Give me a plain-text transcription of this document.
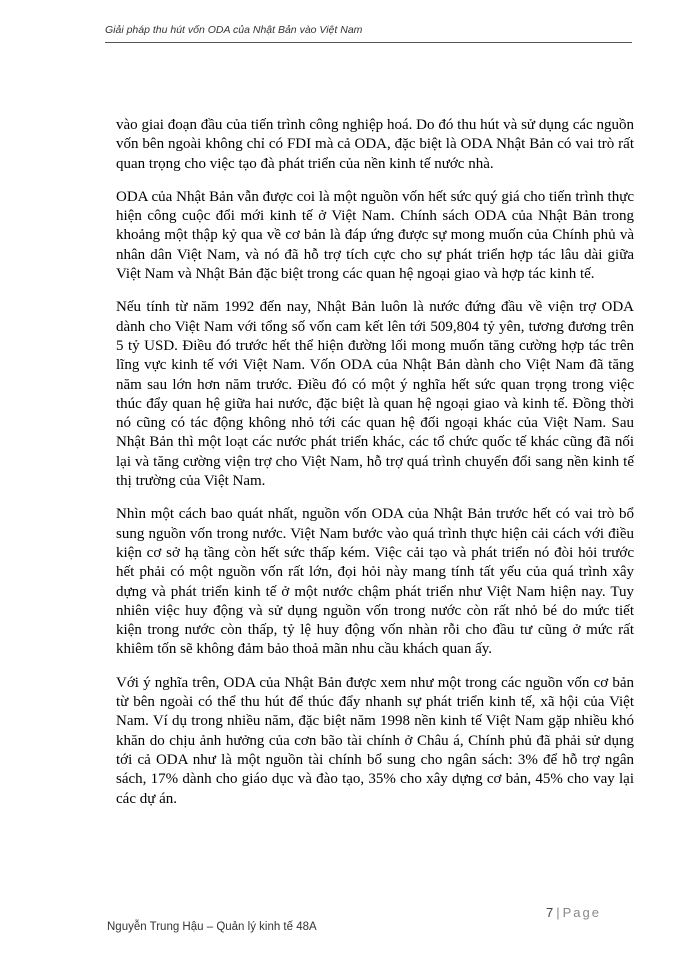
Giải pháp thu hút vốn ODA của Nhật Bản vào Việt Nam

vào giai đoạn đầu của tiến trình công nghiệp hoá. Do đó thu hút và sử dụng các nguồn vốn bên ngoài không chỉ có FDI mà cả ODA, đặc biệt là ODA Nhật Bản có vai trò rất quan trọng cho việc tạo đà phát triển của nền kinh tế nước nhà.

ODA của Nhật Bản vẫn được coi là một nguồn vốn hết sức quý giá cho tiến trình thực hiện công cuộc đổi mới kinh tế ở Việt Nam. Chính sách ODA của Nhật Bản trong khoảng một thập kỷ qua về cơ bản là đáp ứng được sự mong muốn của Chính phủ và nhân dân Việt Nam, và nó đã hỗ trợ tích cực cho sự phát triển hợp tác lâu dài giữa Việt Nam và Nhật Bản đặc biệt trong các quan hệ ngoại giao và hợp tác kinh tế.

Nếu tính từ năm 1992 đến nay, Nhật Bản luôn là nước đứng đầu về viện trợ ODA dành cho Việt Nam với tổng số vốn cam kết lên tới 509,804 tỷ yên, tương đương trên 5 tỷ USD. Điều đó trước hết thể hiện đường lối mong muốn tăng cường hợp tác trên lĩng vực kinh tế với Việt Nam. Vốn ODA của Nhật Bản dành cho Việt Nam đã tăng năm sau lớn hơn năm trước. Điều đó có một ý nghĩa hết sức quan trọng trong việc thúc đẩy quan hệ giữa hai nước, đặc biệt là quan hệ ngoại giao và kinh tế. Đồng thời nó cũng có tác động không nhỏ tới các quan hệ đối ngoại khác của Việt Nam. Sau Nhật Bản thì một loạt các nước phát triển khác, các tổ chức quốc tế khác cũng đã nối lại và tăng cường viện trợ cho Việt Nam, hỗ trợ quá trình chuyển đổi sang nền kinh tế thị trường của Việt Nam.

Nhìn một cách bao quát nhất, nguồn vốn ODA của Nhật Bản trước hết có vai trò bổ sung nguồn vốn trong nước. Việt Nam bước vào quá trình thực hiện cải cách với điều kiện cơ sở hạ tầng còn hết sức thấp kém. Việc cải tạo và phát triển nó đòi hỏi trước hết phải có một nguồn vốn rất lớn, đọi hỏi này mang tính tất yếu của quá trình xây dựng và phát triển kinh tế ở một nước chậm phát triển như Việt Nam hiện nay. Tuy nhiên việc huy động và sử dụng nguồn vốn trong nước còn rất nhỏ bé do mức tiết kiện trong nước còn thấp, tỷ lệ huy động vốn nhàn rỗi cho đầu tư cũng ở mức rất khiêm tốn sẽ không đảm bảo thoả mãn nhu cầu khách quan ấy.

Với ý nghĩa trên, ODA của Nhật Bản được xem như một trong các nguồn vốn cơ bản từ bên ngoài có thể thu hút để thúc đẩy nhanh sự phát triển kinh tế, xã hội của Việt Nam. Ví dụ trong nhiều năm, đặc biệt năm 1998 nền kinh tế Việt Nam gặp nhiều khó khăn do chịu ảnh hưởng của cơn bão tài chính ở Châu á, Chính phủ đã phải sử dụng tới cả ODA như là một nguồn tài chính bổ sung cho ngân sách: 3% để hỗ trợ ngân sách, 17% dành cho giáo dục và đào tạo, 35% cho xây dựng cơ bản, 45% cho vay lại các dự án.

7 | Page
Nguyễn Trung Hậu – Quản lý kinh tế 48A
